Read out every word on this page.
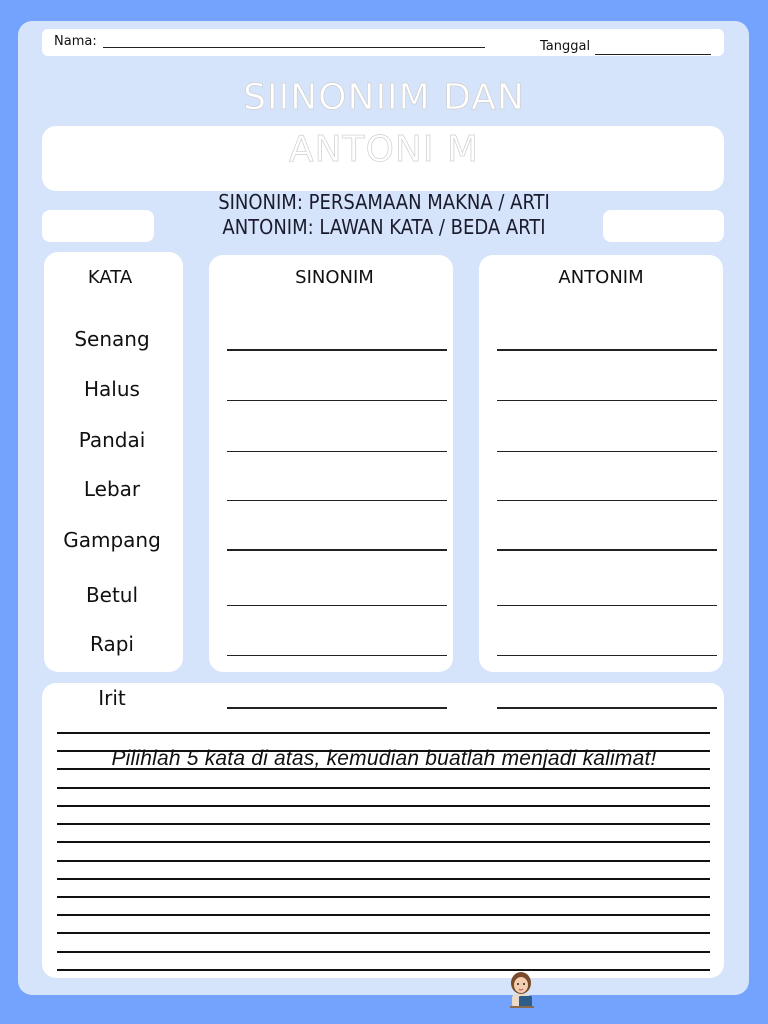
Nama:	Tanggal
SIINONIIM DAN
ANTONI M
SINONIM: PERSAMAAN MAKNA / ARTI
ANTONIM: LAWAN KATA / BEDA ARTI
KATA	SINONIM	ANTONIM
Senang
Halus
Pandai
Lebar
Gampang
Betul
Rapi
Irit
Pilihlah 5 kata di atas, kemudian buatlah menjadi kalimat!
